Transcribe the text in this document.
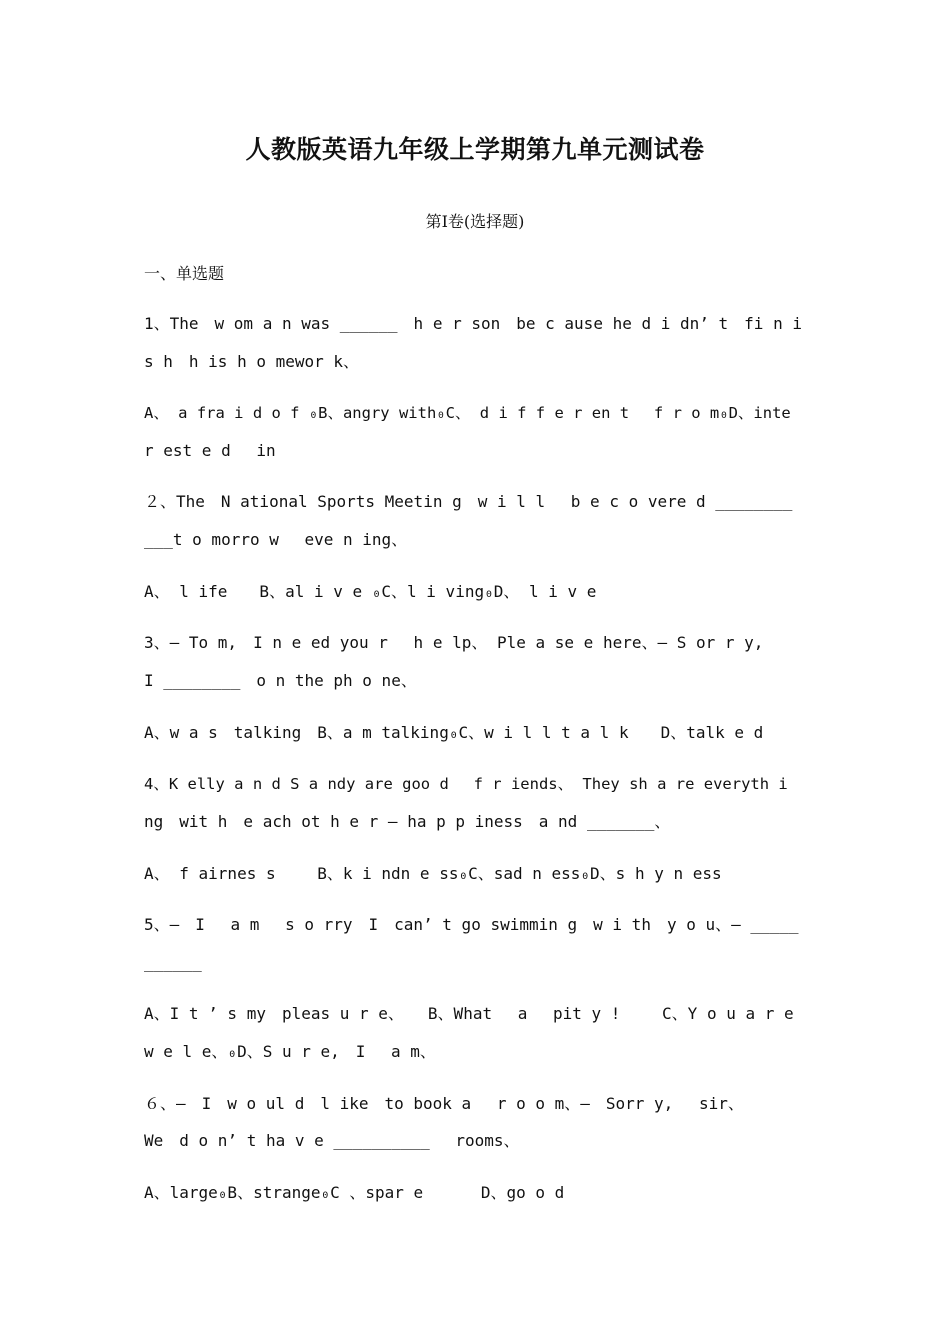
人教版英语九年级上学期第九单元测试卷
第Ⅰ卷(选择题)
一、单选题
1、The　w om a n was ______　h e r son　be c ause he d i dn’ t　fi n i
s h　h is h o mewor k、
A、 a fra i d o f ₀B、angry with₀C、 d i f f e r en t　 f r o m₀D、inte
r est e d　 in
２、The　N ational Sports Meetin g　w i l l　 b e c o vere d ________
___t o morro w　 eve n ing、
A、 l ife　　B、al i v e ₀C、l i ving₀D、 l i v e
3、— To m,　I n e ed you r　 h e lp、 Ple a se e here、— S or r y,
I ________　o n the ph o ne、
A、w a s　talking　B、a m talking₀C、w i l l t a l k　　D、talk e d
4、K elly a n d S a ndy are goo d　 f r iends、 They sh a re everyth i
ng　wit h　e ach ot h e r — ha p p iness　a nd _______、
A、 f airnes s　　 B、k i ndn e ss₀C、sad n ess₀D、s h y n ess
5、—　I　 a m　 s o rry　I　can’ t go swimmin g　w i th　y o u、— _____
______
A、I t ’ s my　pleas u r e、　　B、What　 a　 pit y !　　 C、Y o u a r e
w e l e、₀D、S u r e,　I　 a m、
６、—　I　w o ul d　l ike　to book a　 r o o m、—　Sorr y,　 sir、
We　d o n’ t ha v e __________　 rooms、
A、large₀B、strange₀C 、spar e　　　 D、go o d
